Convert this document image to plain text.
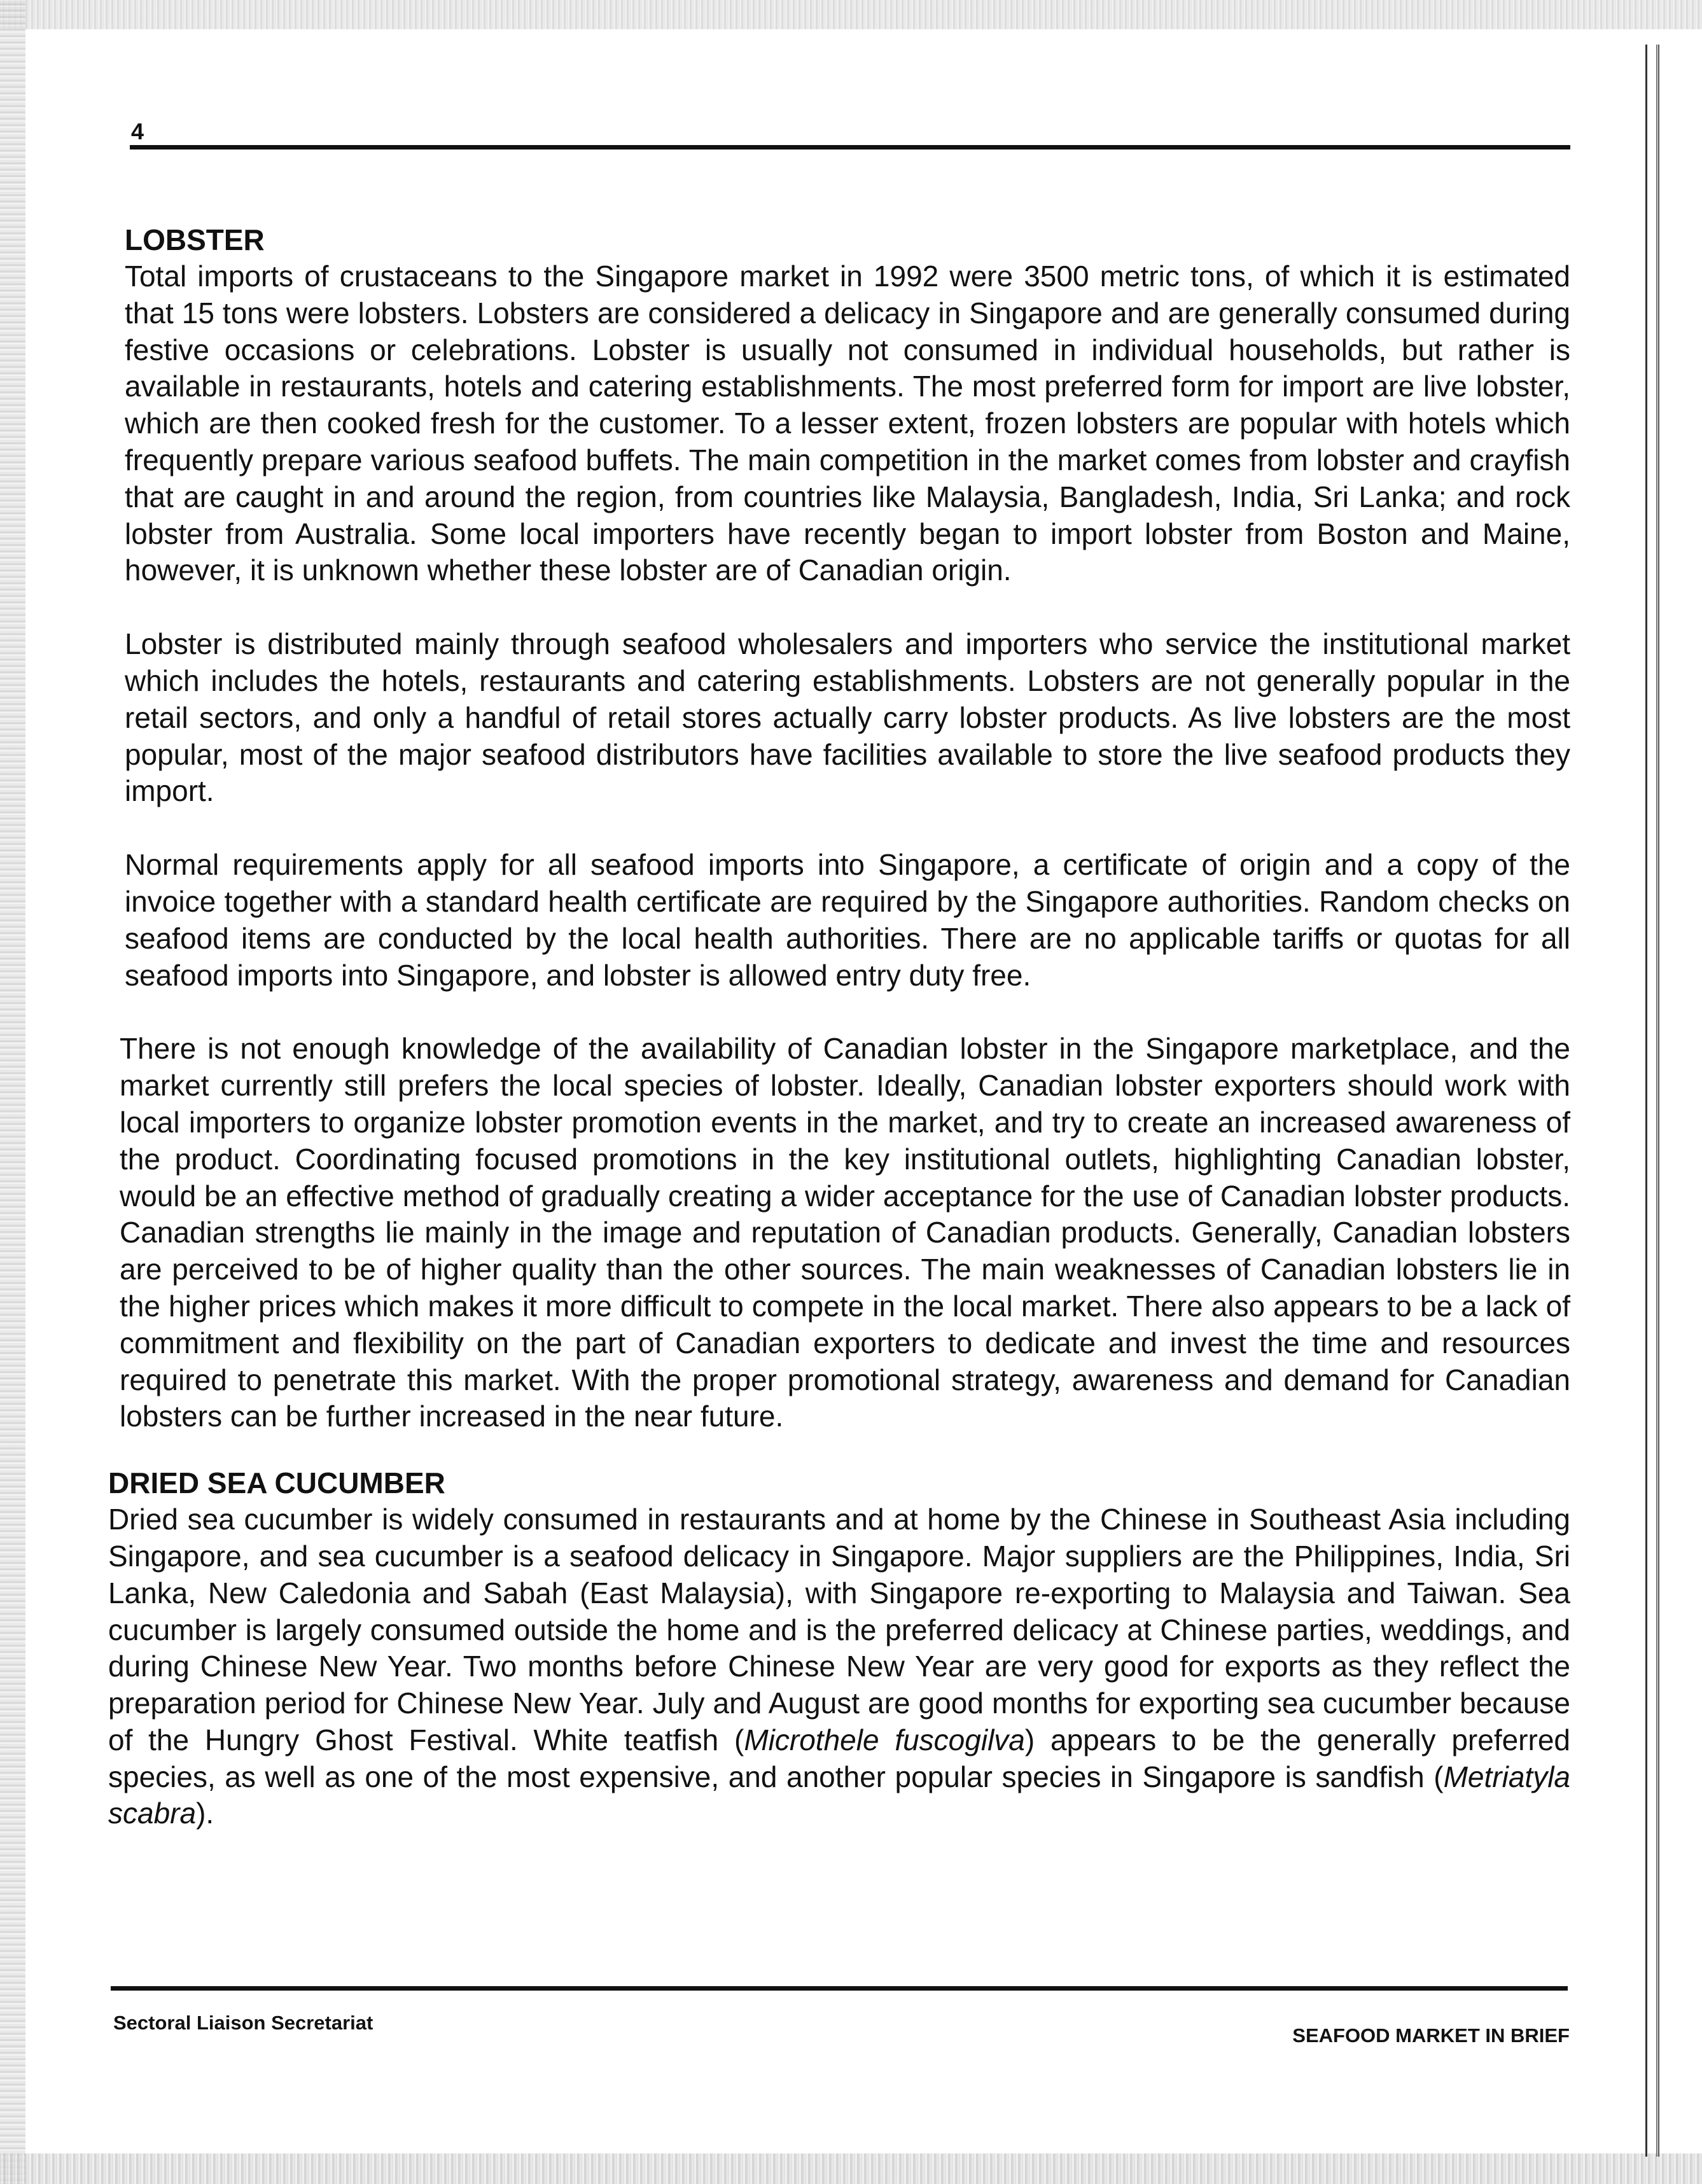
4
LOBSTER

Total imports of crustaceans to the Singapore market in 1992 were 3500 metric tons, of which it is estimated that 15 tons were lobsters. Lobsters are considered a delicacy in Singapore and are generally consumed during festive occasions or celebrations. Lobster is usually not consumed in individual households, but rather is available in restaurants, hotels and catering establishments. The most preferred form for import are live lobster, which are then cooked fresh for the customer. To a lesser extent, frozen lobsters are popular with hotels which frequently prepare various seafood buffets. The main competition in the market comes from lobster and crayfish that are caught in and around the region, from countries like Malaysia, Bangladesh, India, Sri Lanka; and rock lobster from Australia. Some local importers have recently began to import lobster from Boston and Maine, however, it is unknown whether these lobster are of Canadian origin.

Lobster is distributed mainly through seafood wholesalers and importers who service the institutional market which includes the hotels, restaurants and catering establishments. Lobsters are not generally popular in the retail sectors, and only a handful of retail stores actually carry lobster products. As live lobsters are the most popular, most of the major seafood distributors have facilities available to store the live seafood products they import.

Normal requirements apply for all seafood imports into Singapore, a certificate of origin and a copy of the invoice together with a standard health certificate are required by the Singapore authorities. Random checks on seafood items are conducted by the local health authorities. There are no applicable tariffs or quotas for all seafood imports into Singapore, and lobster is allowed entry duty free.

There is not enough knowledge of the availability of Canadian lobster in the Singapore marketplace, and the market currently still prefers the local species of lobster. Ideally, Canadian lobster exporters should work with local importers to organize lobster promotion events in the market, and try to create an increased awareness of the product. Coordinating focused promotions in the key institutional outlets, highlighting Canadian lobster, would be an effective method of gradually creating a wider acceptance for the use of Canadian lobster products. Canadian strengths lie mainly in the image and reputation of Canadian products. Generally, Canadian lobsters are perceived to be of higher quality than the other sources. The main weaknesses of Canadian lobsters lie in the higher prices which makes it more difficult to compete in the local market. There also appears to be a lack of commitment and flexibility on the part of Canadian exporters to dedicate and invest the time and resources required to penetrate this market. With the proper promotional strategy, awareness and demand for Canadian lobsters can be further increased in the near future.

DRIED SEA CUCUMBER

Dried sea cucumber is widely consumed in restaurants and at home by the Chinese in Southeast Asia including Singapore, and sea cucumber is a seafood delicacy in Singapore. Major suppliers are the Philippines, India, Sri Lanka, New Caledonia and Sabah (East Malaysia), with Singapore re-exporting to Malaysia and Taiwan. Sea cucumber is largely consumed outside the home and is the preferred delicacy at Chinese parties, weddings, and during Chinese New Year. Two months before Chinese New Year are very good for exports as they reflect the preparation period for Chinese New Year. July and August are good months for exporting sea cucumber because of the Hungry Ghost Festival. White teatfish (Microthele fuscogilva) appears to be the generally preferred species, as well as one of the most expensive, and another popular species in Singapore is sandfish (Metriatyla scabra).

Sectoral Liaison Secretariat
SEAFOOD MARKET IN BRIEF
